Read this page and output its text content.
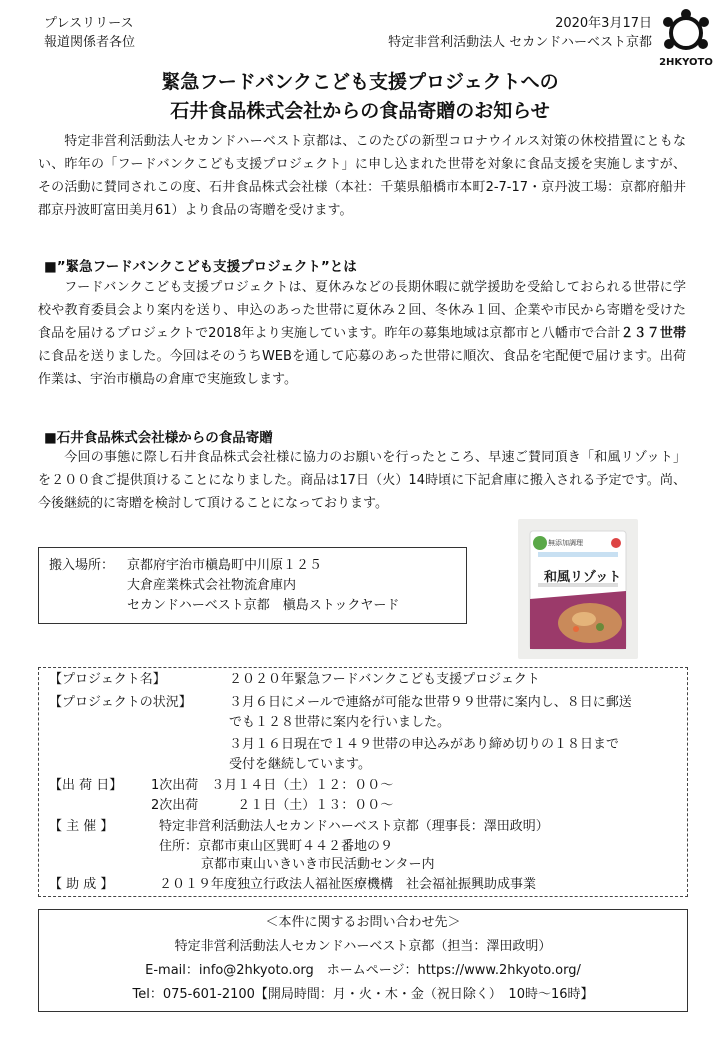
プレスリリース
報道関係者各位
2020年3月17日
特定非営利活動法人 セカンドハーベスト京都
2HKYOTO
緊急フードバンクこども支援プロジェクトへの
石井食品株式会社からの食品寄贈のお知らせ
特定非営利活動法人セカンドハーベスト京都は、このたびの新型コロナウイルス対策の休校措置にともない、昨年の「フードバンクこども支援プロジェクト」に申し込まれた世帯を対象に食品支援を実施しますが、その活動に賛同されこの度、石井食品株式会社様（本社：千葉県船橋市本町2-7-17・京丹波工場：京都府船井郡京丹波町富田美月61）より食品の寄贈を受けます。
■”緊急フードバンクこども支援プロジェクト”とは
フードバンクこども支援プロジェクトは、夏休みなどの長期休暇に就学援助を受給しておられる世帯に学校や教育委員会より案内を送り、申込のあった世帯に夏休み２回、冬休み１回、企業や市民から寄贈を受けた食品を届けるプロジェクトで2018年より実施しています。昨年の募集地域は京都市と八幡市で合計２３７世帯に食品を送りました。今回はそのうちWEBを通して応募のあった世帯に順次、食品を宅配便で届けます。出荷作業は、宇治市槇島の倉庫で実施致します。
■石井食品株式会社様からの食品寄贈
今回の事態に際し石井食品株式会社様に協力のお願いを行ったところ、早速ご賛同頂き「和風リゾット」を２００食ご提供頂けることになりました。商品は17日（火）14時頃に下記倉庫に搬入される予定です。尚、今後継続的に寄贈を検討して頂けることになっております。
搬入場所： 京都府宇治市槇島町中川原１２５
大倉産業株式会社物流倉庫内
セカンドハーベスト京都　槇島ストックヤード
無添加調理
和風リゾット
【プロジェクト名】	２０２０年緊急フードバンクこども支援プロジェクト
【プロジェクトの状況】	３月６日にメールで連絡が可能な世帯９９世帯に案内し、８日に郵送
でも１２８世帯に案内を行いました。
３月１６日現在で１４９世帯の申込みがあり締め切りの１８日まで
受付を継続しています。
【出 荷 日】 1次出荷　３月１４日（土）１２：００～
2次出荷　　　２１日（土）１３：００～
【 主 催 】	特定非営利活動法人セカンドハーベスト京都（理事長：澤田政明）
住所：京都市東山区巽町４４２番地の９
京都市東山いきいき市民活動センター内
【 助 成 】	２０１９年度独立行政法人福祉医療機構　社会福祉振興助成事業
＜本件に関するお問い合わせ先＞
特定非営利活動法人セカンドハーベスト京都（担当：澤田政明）
E-mail：info@2hkyoto.org　ホームページ：https://www.2hkyoto.org/
Tel：075-601-2100【開局時間：月・火・木・金（祝日除く）　10時～16時】
